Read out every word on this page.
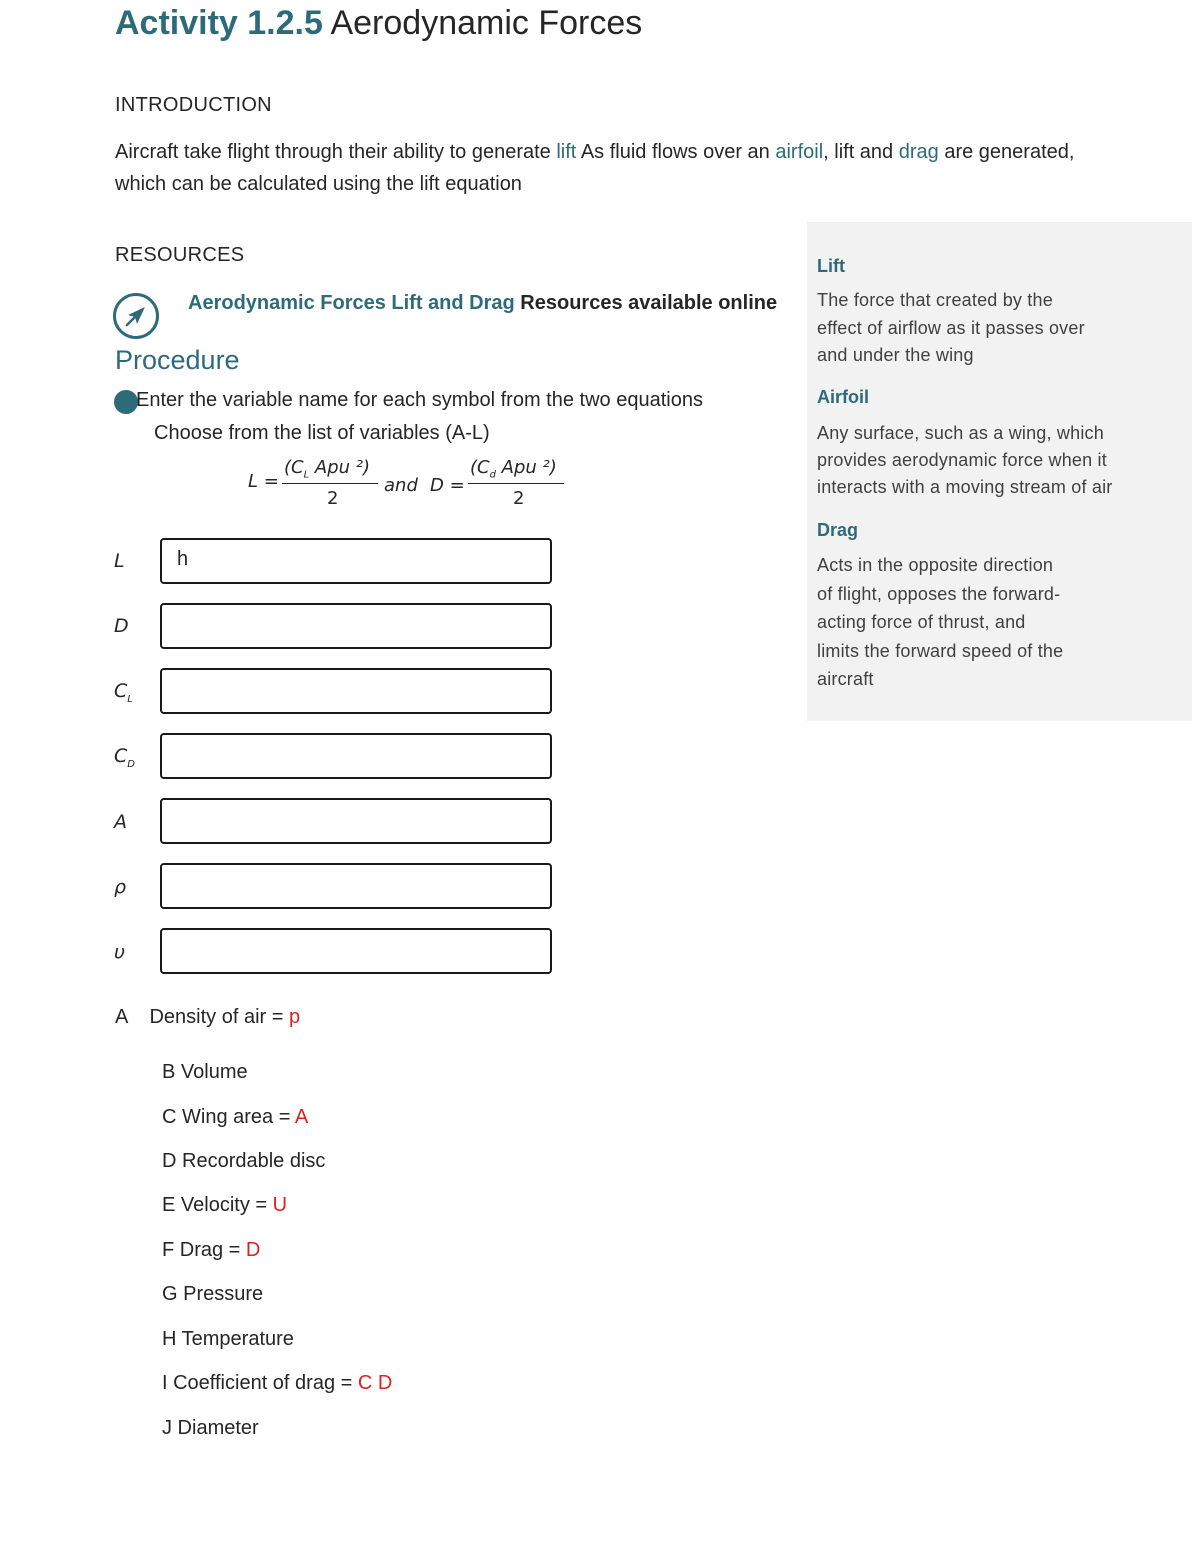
Activity 1.2.5 Aerodynamic Forces
INTRODUCTION
Aircraft take flight through their ability to generate lift As fluid flows over an airfoil, lift and drag are generated, which can be calculated using the lift equation
RESOURCES
Aerodynamic Forces Lift and Drag Resources available online
Procedure
Enter the variable name for each symbol from the two equations
Choose from the list of variables (A-L)
L =
($C_L$ Apu ²)
2
and D =
($C_d$ Apu ²)
2
L	h
D
$C_L$
$C_D$
A
ρ
υ
A    Density of air = p
B Volume
C Wing area = A
D Recordable disc
E Velocity = U
F Drag = D
G Pressure
H Temperature
I Coefficient of drag = C D
J Diameter
Lift
The force that created by the
effect of airflow as it passes over
and under the wing
Airfoil
Any surface, such as a wing, which
provides aerodynamic force when it
interacts with a moving stream of air
Drag
Acts in the opposite direction
of flight, opposes the forward-
acting force of thrust, and
limits the forward speed of the
aircraft
